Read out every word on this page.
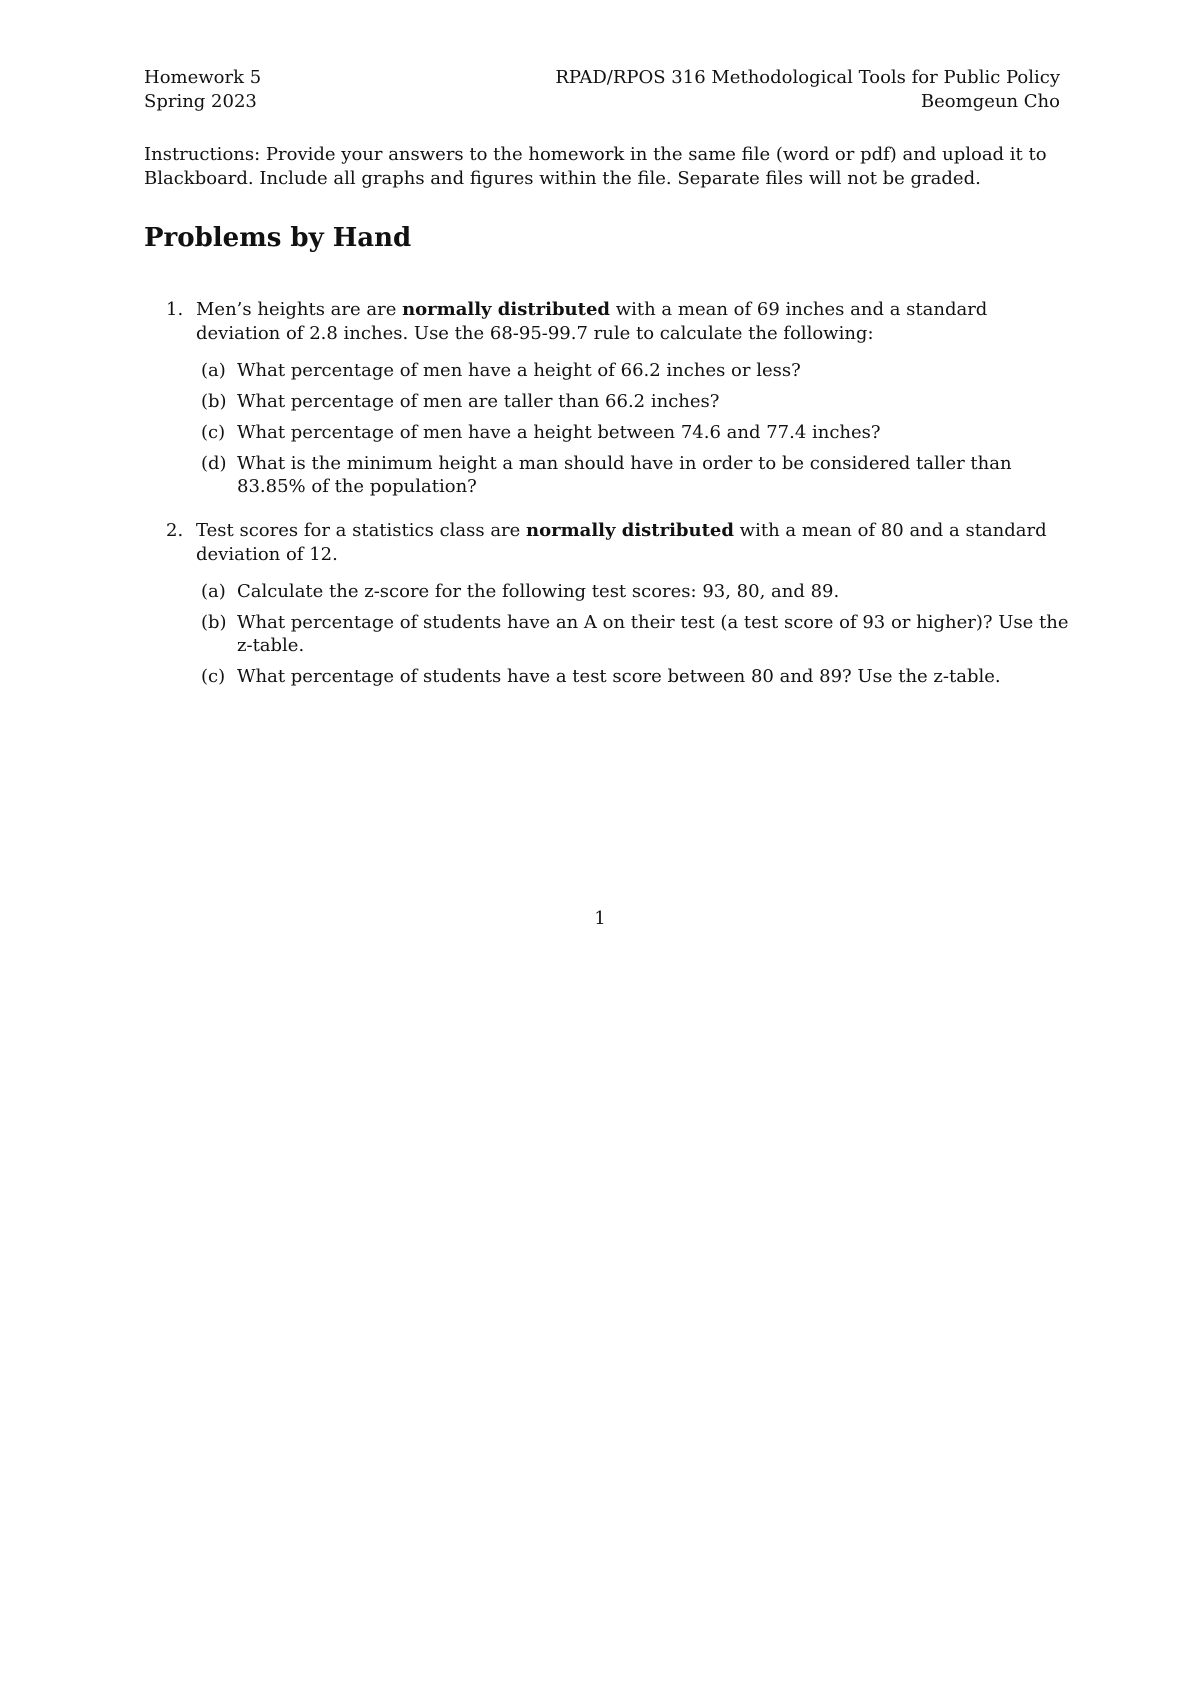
Homework 5
Spring 2023
RPAD/RPOS 316 Methodological Tools for Public Policy
Beomgeun Cho
Instructions: Provide your answers to the homework in the same file (word or pdf) and upload it to
Blackboard. Include all graphs and figures within the file. Separate files will not be graded.
Problems by Hand
1. Men’s heights are are normally distributed with a mean of 69 inches and a standard deviation of 2.8 inches. Use the 68-95-99.7 rule to calculate the following:
(a) What percentage of men have a height of 66.2 inches or less?
(b) What percentage of men are taller than 66.2 inches?
(c) What percentage of men have a height between 74.6 and 77.4 inches?
(d) What is the minimum height a man should have in order to be considered taller than 83.85% of the population?
2. Test scores for a statistics class are normally distributed with a mean of 80 and a standard deviation of 12.
(a) Calculate the z-score for the following test scores: 93, 80, and 89.
(b) What percentage of students have an A on their test (a test score of 93 or higher)? Use the z-table.
(c) What percentage of students have a test score between 80 and 89? Use the z-table.
1
